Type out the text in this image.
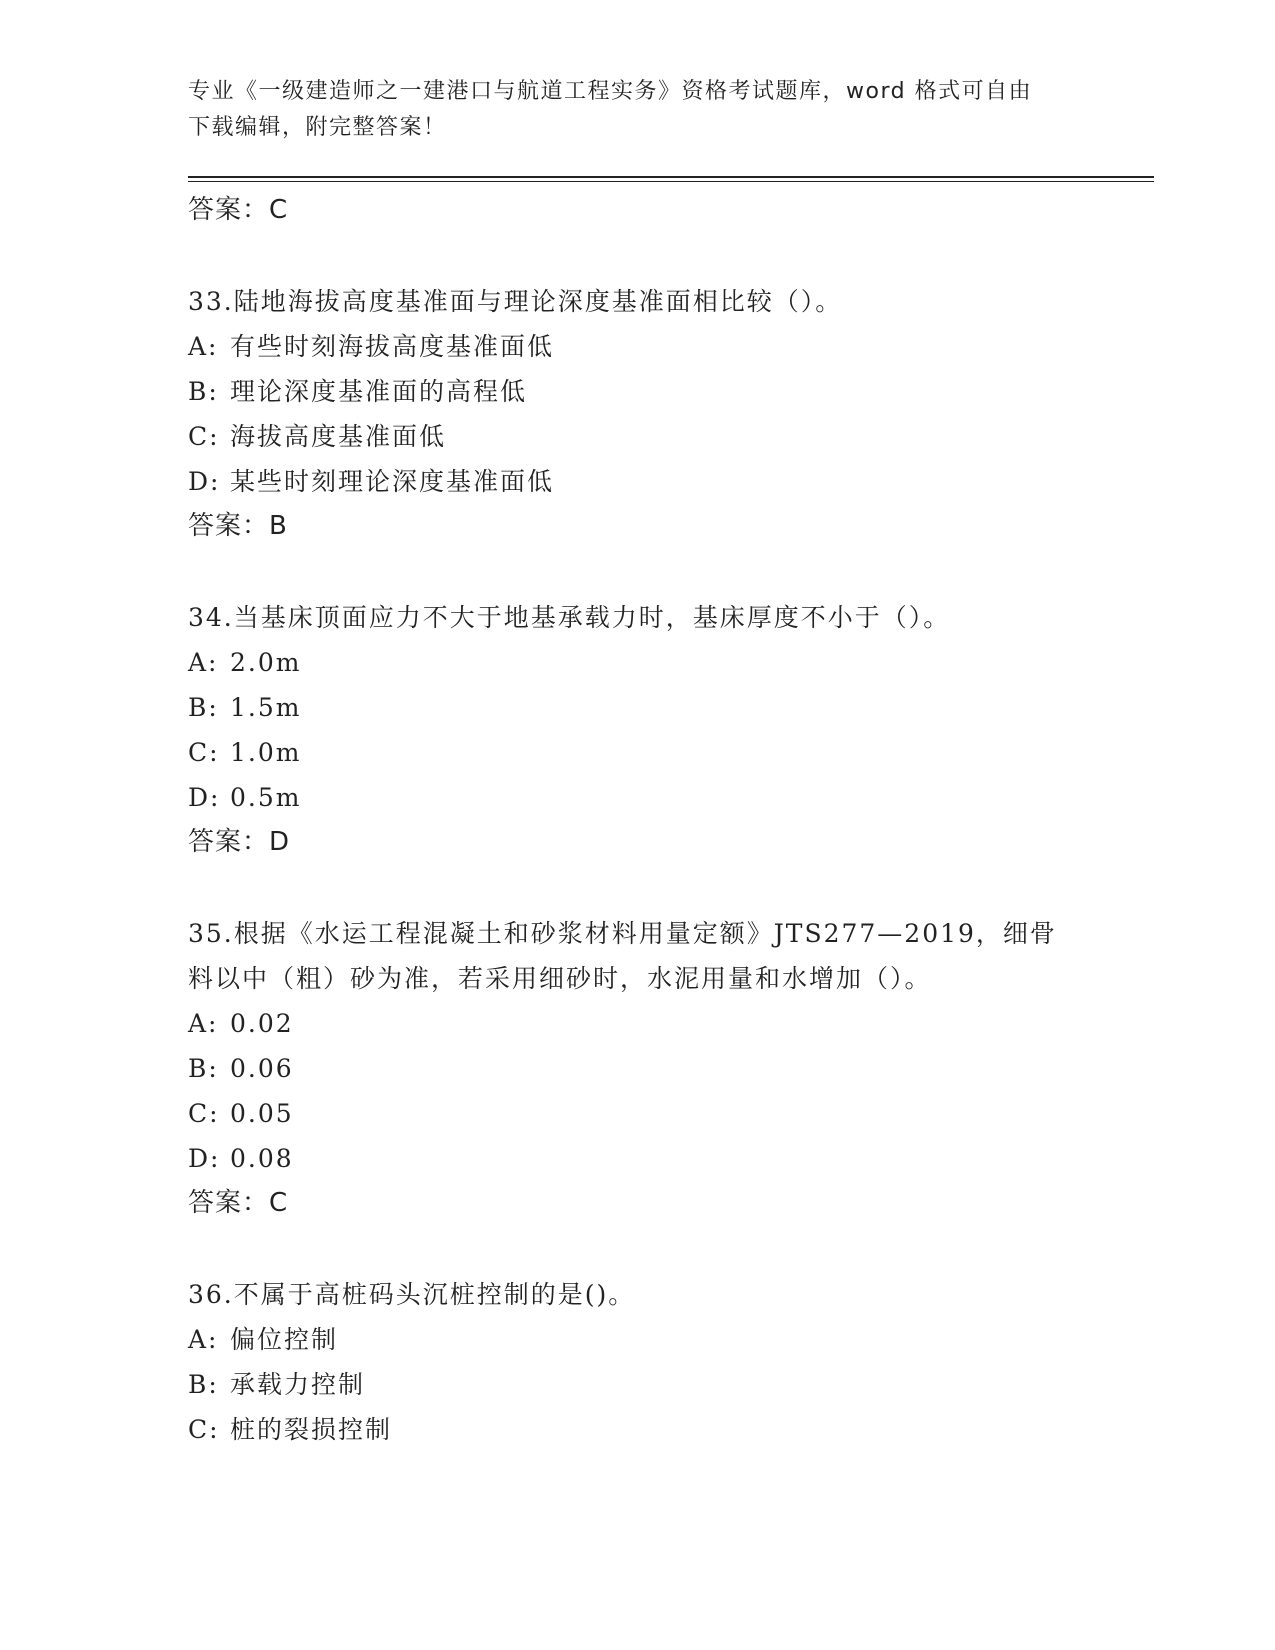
专业《一级建造师之一建港口与航道工程实务》资格考试题库，word 格式可自由
下载编辑，附完整答案！
答案：C
33.陆地海拔高度基准面与理论深度基准面相比较（）。
A: 有些时刻海拔高度基准面低
B: 理论深度基准面的高程低
C: 海拔高度基准面低
D: 某些时刻理论深度基准面低
答案：B
34.当基床顶面应力不大于地基承载力时，基床厚度不小于（）。
A: 2.0m
B: 1.5m
C: 1.0m
D: 0.5m
答案：D
35.根据《水运工程混凝土和砂浆材料用量定额》JTS277—2019，细骨
料以中（粗）砂为准，若采用细砂时，水泥用量和水增加（）。
A: 0.02
B: 0.06
C: 0.05
D: 0.08
答案：C
36.不属于高桩码头沉桩控制的是()。
A: 偏位控制
B: 承载力控制
C: 桩的裂损控制
